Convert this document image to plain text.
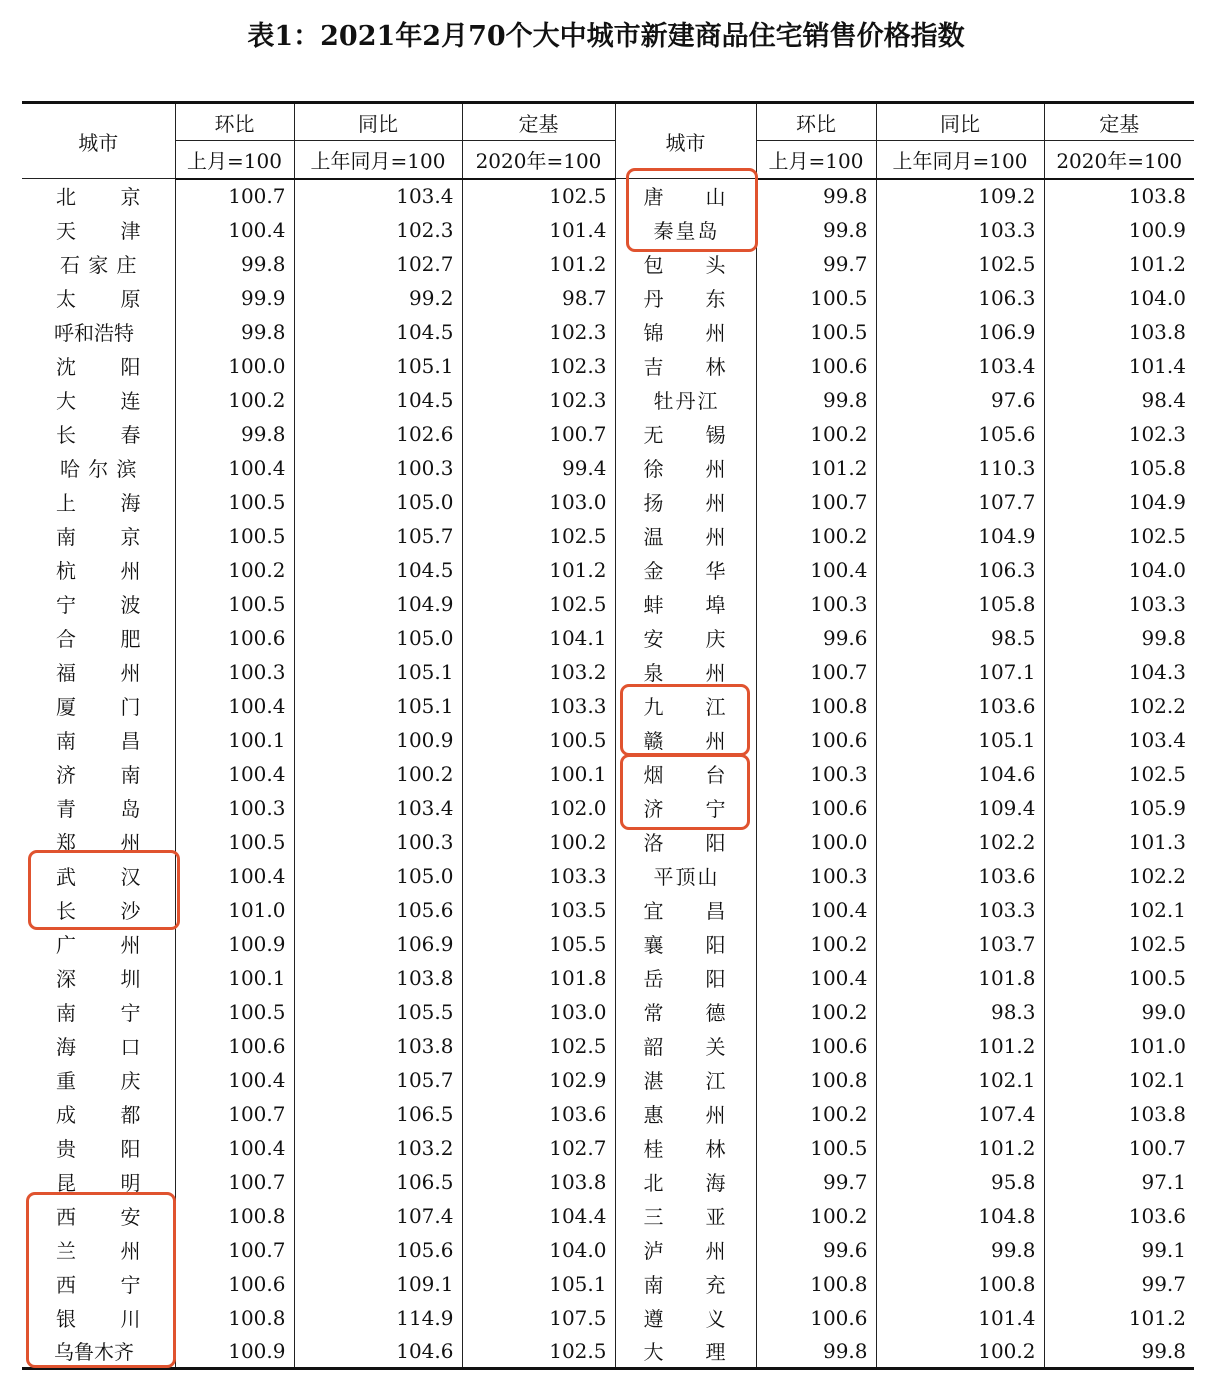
表1：2021年2月70个大中城市新建商品住宅销售价格指数
城市	环比	同比	定基	城市	环比	同比	定基
	上月=100	上年同月=100	2020年=100		上月=100	上年同月=100	2020年=100

北 京	100.7	103.4	102.5	唐 山	99.8	109.2	103.8

天 津	100.4	102.3	101.4	秦 皇 岛	99.8	103.3	100.9

石 家 庄	99.8	102.7	101.2	包 头	99.7	102.5	101.2

太 原	99.9	99.2	98.7	丹 东	100.5	106.3	104.0

呼 和 浩 特	99.8	104.5	102.3	锦 州	100.5	106.9	103.8

沈 阳	100.0	105.1	102.3	吉 林	100.6	103.4	101.4

大 连	100.2	104.5	102.3	牡 丹 江	99.8	97.6	98.4

长 春	99.8	102.6	100.7	无 锡	100.2	105.6	102.3

哈 尔 滨	100.4	100.3	99.4	徐 州	101.2	110.3	105.8

上 海	100.5	105.0	103.0	扬 州	100.7	107.7	104.9

南 京	100.5	105.7	102.5	温 州	100.2	104.9	102.5

杭 州	100.2	104.5	101.2	金 华	100.4	106.3	104.0

宁 波	100.5	104.9	102.5	蚌 埠	100.3	105.8	103.3

合 肥	100.6	105.0	104.1	安 庆	99.6	98.5	99.8

福 州	100.3	105.1	103.2	泉 州	100.7	107.1	104.3

厦 门	100.4	105.1	103.3	九 江	100.8	103.6	102.2

南 昌	100.1	100.9	100.5	赣 州	100.6	105.1	103.4

济 南	100.4	100.2	100.1	烟 台	100.3	104.6	102.5

青 岛	100.3	103.4	102.0	济 宁	100.6	109.4	105.9

郑 州	100.5	100.3	100.2	洛 阳	100.0	102.2	101.3

武 汉	100.4	105.0	103.3	平 顶 山	100.3	103.6	102.2

长 沙	101.0	105.6	103.5	宜 昌	100.4	103.3	102.1

广 州	100.9	106.9	105.5	襄 阳	100.2	103.7	102.5

深 圳	100.1	103.8	101.8	岳 阳	100.4	101.8	100.5

南 宁	100.5	105.5	103.0	常 德	100.2	98.3	99.0

海 口	100.6	103.8	102.5	韶 关	100.6	101.2	101.0

重 庆	100.4	105.7	102.9	湛 江	100.8	102.1	102.1

成 都	100.7	106.5	103.6	惠 州	100.2	107.4	103.8

贵 阳	100.4	103.2	102.7	桂 林	100.5	101.2	100.7

昆 明	100.7	106.5	103.8	北 海	99.7	95.8	97.1

西 安	100.8	107.4	104.4	三 亚	100.2	104.8	103.6

兰 州	100.7	105.6	104.0	泸 州	99.6	99.8	99.1

西 宁	100.6	109.1	105.1	南 充	100.8	100.8	99.7

银 川	100.8	114.9	107.5	遵 义	100.6	101.4	101.2

乌 鲁 木 齐	100.9	104.6	102.5	大 理	99.8	100.2	99.8
